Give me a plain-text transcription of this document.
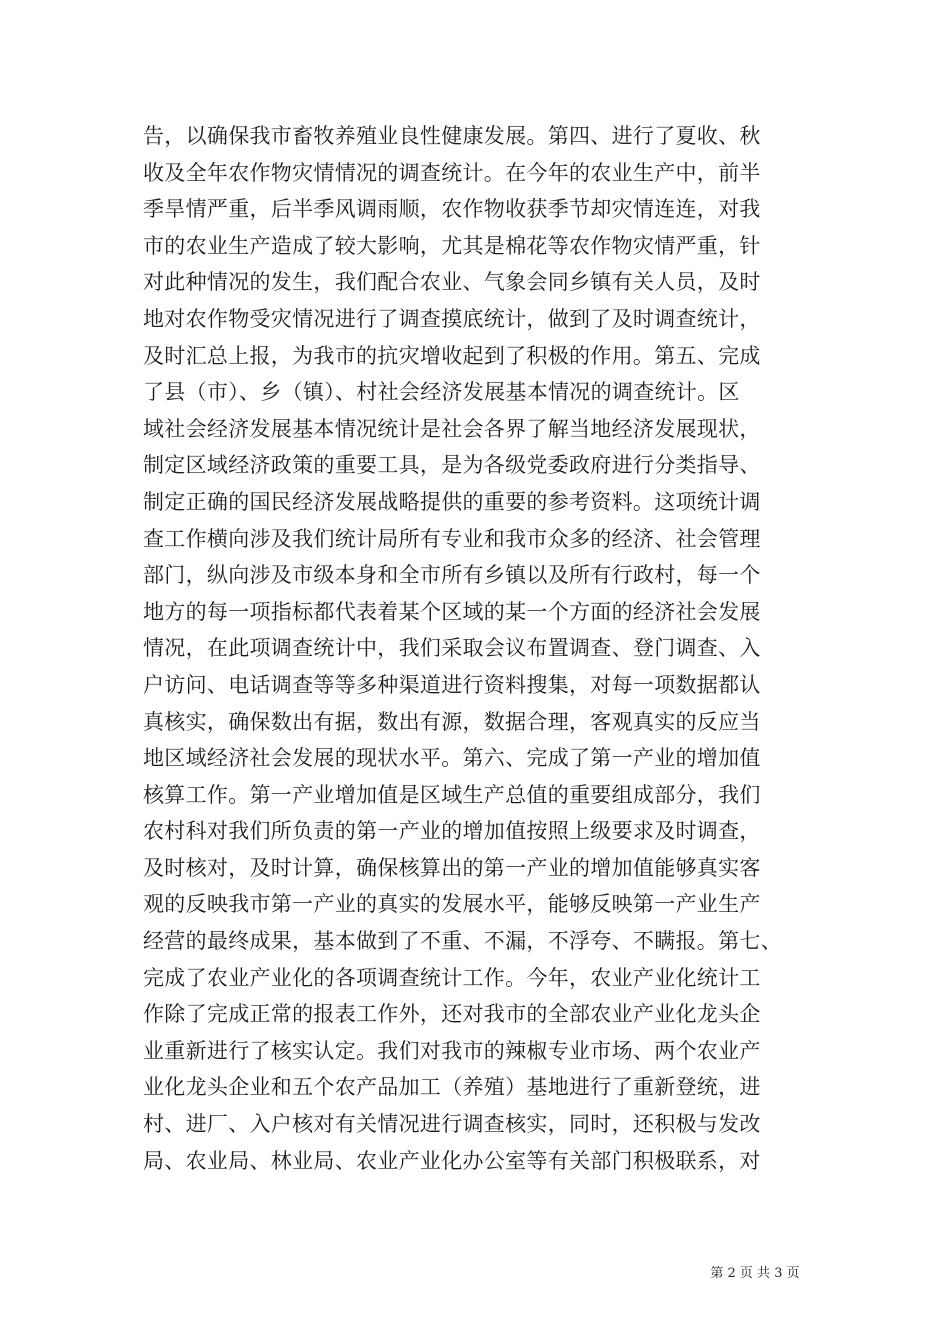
告，以确保我市畜牧养殖业良性健康发展。第四、进行了夏收、秋
收及全年农作物灾情情况的调查统计。在今年的农业生产中，前半
季旱情严重，后半季风调雨顺，农作物收获季节却灾情连连，对我
市的农业生产造成了较大影响，尤其是棉花等农作物灾情严重，针
对此种情况的发生，我们配合农业、气象会同乡镇有关人员，及时
地对农作物受灾情况进行了调查摸底统计，做到了及时调查统计，
及时汇总上报，为我市的抗灾增收起到了积极的作用。第五、完成
了县（市）、乡（镇）、村社会经济发展基本情况的调查统计。区
域社会经济发展基本情况统计是社会各界了解当地经济发展现状，
制定区域经济政策的重要工具，是为各级党委政府进行分类指导、
制定正确的国民经济发展战略提供的重要的参考资料。这项统计调
查工作横向涉及我们统计局所有专业和我市众多的经济、社会管理
部门，纵向涉及市级本身和全市所有乡镇以及所有行政村，每一个
地方的每一项指标都代表着某个区域的某一个方面的经济社会发展
情况，在此项调查统计中，我们采取会议布置调查、登门调查、入
户访问、电话调查等等多种渠道进行资料搜集，对每一项数据都认
真核实，确保数出有据，数出有源，数据合理，客观真实的反应当
地区域经济社会发展的现状水平。第六、完成了第一产业的增加值
核算工作。第一产业增加值是区域生产总值的重要组成部分，我们
农村科对我们所负责的第一产业的增加值按照上级要求及时调查，
及时核对，及时计算，确保核算出的第一产业的增加值能够真实客
观的反映我市第一产业的真实的发展水平，能够反映第一产业生产
经营的最终成果，基本做到了不重、不漏，不浮夸、不瞒报。第七、
完成了农业产业化的各项调查统计工作。今年，农业产业化统计工
作除了完成正常的报表工作外，还对我市的全部农业产业化龙头企
业重新进行了核实认定。我们对我市的辣椒专业市场、两个农业产
业化龙头企业和五个农产品加工（养殖）基地进行了重新登统，进
村、进厂、入户核对有关情况进行调查核实，同时，还积极与发改
局、农业局、林业局、农业产业化办公室等有关部门积极联系，对
第 2 页 共 3 页
